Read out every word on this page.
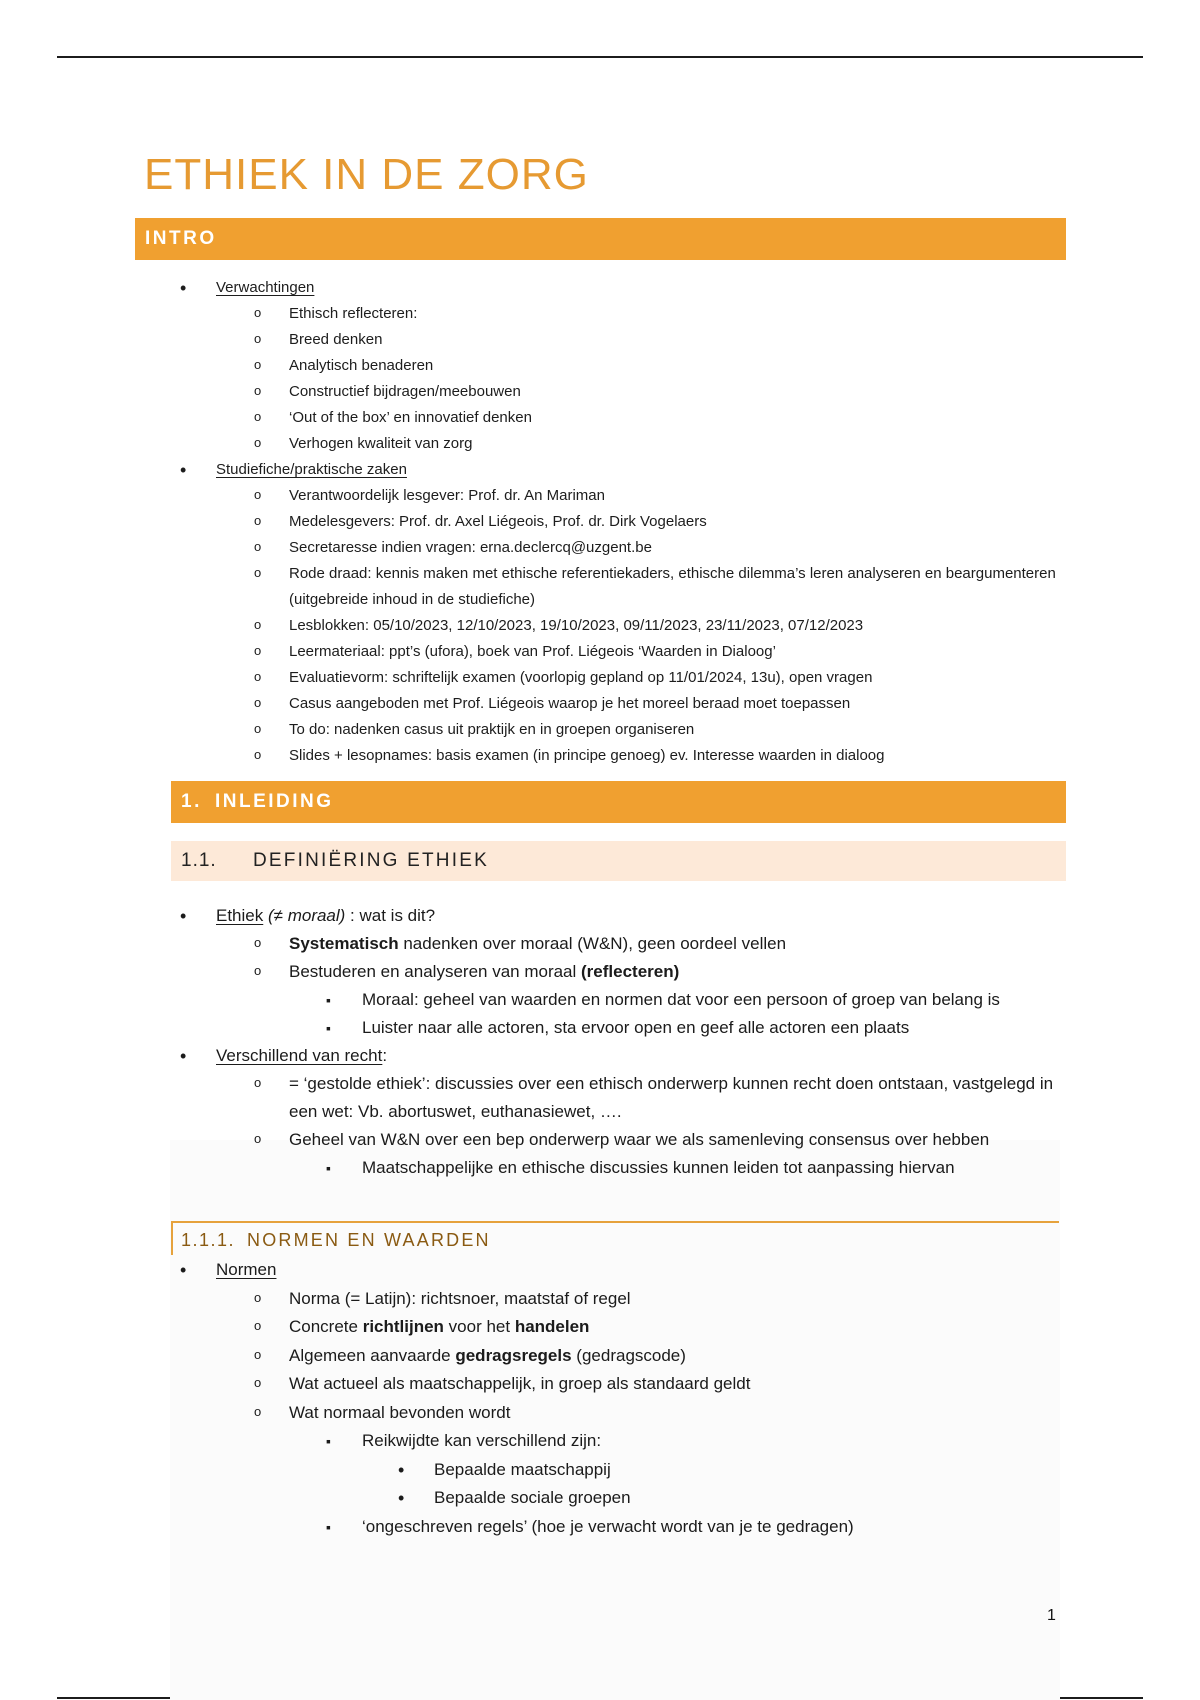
ETHIEK IN DE ZORG
INTRO
• Verwachtingen
o Ethisch reflecteren:
o Breed denken
o Analytisch benaderen
o Constructief bijdragen/meebouwen
o ‘Out of the box’ en innovatief denken
o Verhogen kwaliteit van zorg
• Studiefiche/praktische zaken
o Verantwoordelijk lesgever: Prof. dr. An Mariman
o Medelesgevers: Prof. dr. Axel Liégeois, Prof. dr. Dirk Vogelaers
o Secretaresse indien vragen: erna.declercq@uzgent.be
o Rode draad: kennis maken met ethische referentiekaders, ethische dilemma’s leren analyseren en beargumenteren (uitgebreide inhoud in de studiefiche)
o Lesblokken: 05/10/2023, 12/10/2023, 19/10/2023, 09/11/2023, 23/11/2023, 07/12/2023
o Leermateriaal: ppt’s (ufora), boek van Prof. Liégeois ‘Waarden in Dialoog’
o Evaluatievorm: schriftelijk examen (voorlopig gepland op 11/01/2024, 13u), open vragen
o Casus aangeboden met Prof. Liégeois waarop je het moreel beraad moet toepassen
o To do: nadenken casus uit praktijk en in groepen organiseren
o Slides + lesopnames: basis examen (in principe genoeg) ev. Interesse waarden in dialoog
1. INLEIDING
1.1. DEFINIËRING ETHIEK
• Ethiek (≠ moraal) : wat is dit?
o Systematisch nadenken over moraal (W&N), geen oordeel vellen
o Bestuderen en analyseren van moraal (reflecteren)
▪ Moraal: geheel van waarden en normen dat voor een persoon of groep van belang is
▪ Luister naar alle actoren, sta ervoor open en geef alle actoren een plaats
• Verschillend van recht:
o = ‘gestolde ethiek’: discussies over een ethisch onderwerp kunnen recht doen ontstaan, vastgelegd in een wet: Vb. abortuswet, euthanasiewet, ….
o Geheel van W&N over een bep onderwerp waar we als samenleving consensus over hebben
▪ Maatschappelijke en ethische discussies kunnen leiden tot aanpassing hiervan
1.1.1. NORMEN EN WAARDEN
• Normen
o Norma (= Latijn): richtsnoer, maatstaf of regel
o Concrete richtlijnen voor het handelen
o Algemeen aanvaarde gedragsregels (gedragscode)
o Wat actueel als maatschappelijk, in groep als standaard geldt
o Wat normaal bevonden wordt
▪ Reikwijdte kan verschillend zijn:
• Bepaalde maatschappij
• Bepaalde sociale groepen
▪ ‘ongeschreven regels’ (hoe je verwacht wordt van je te gedragen)
1
